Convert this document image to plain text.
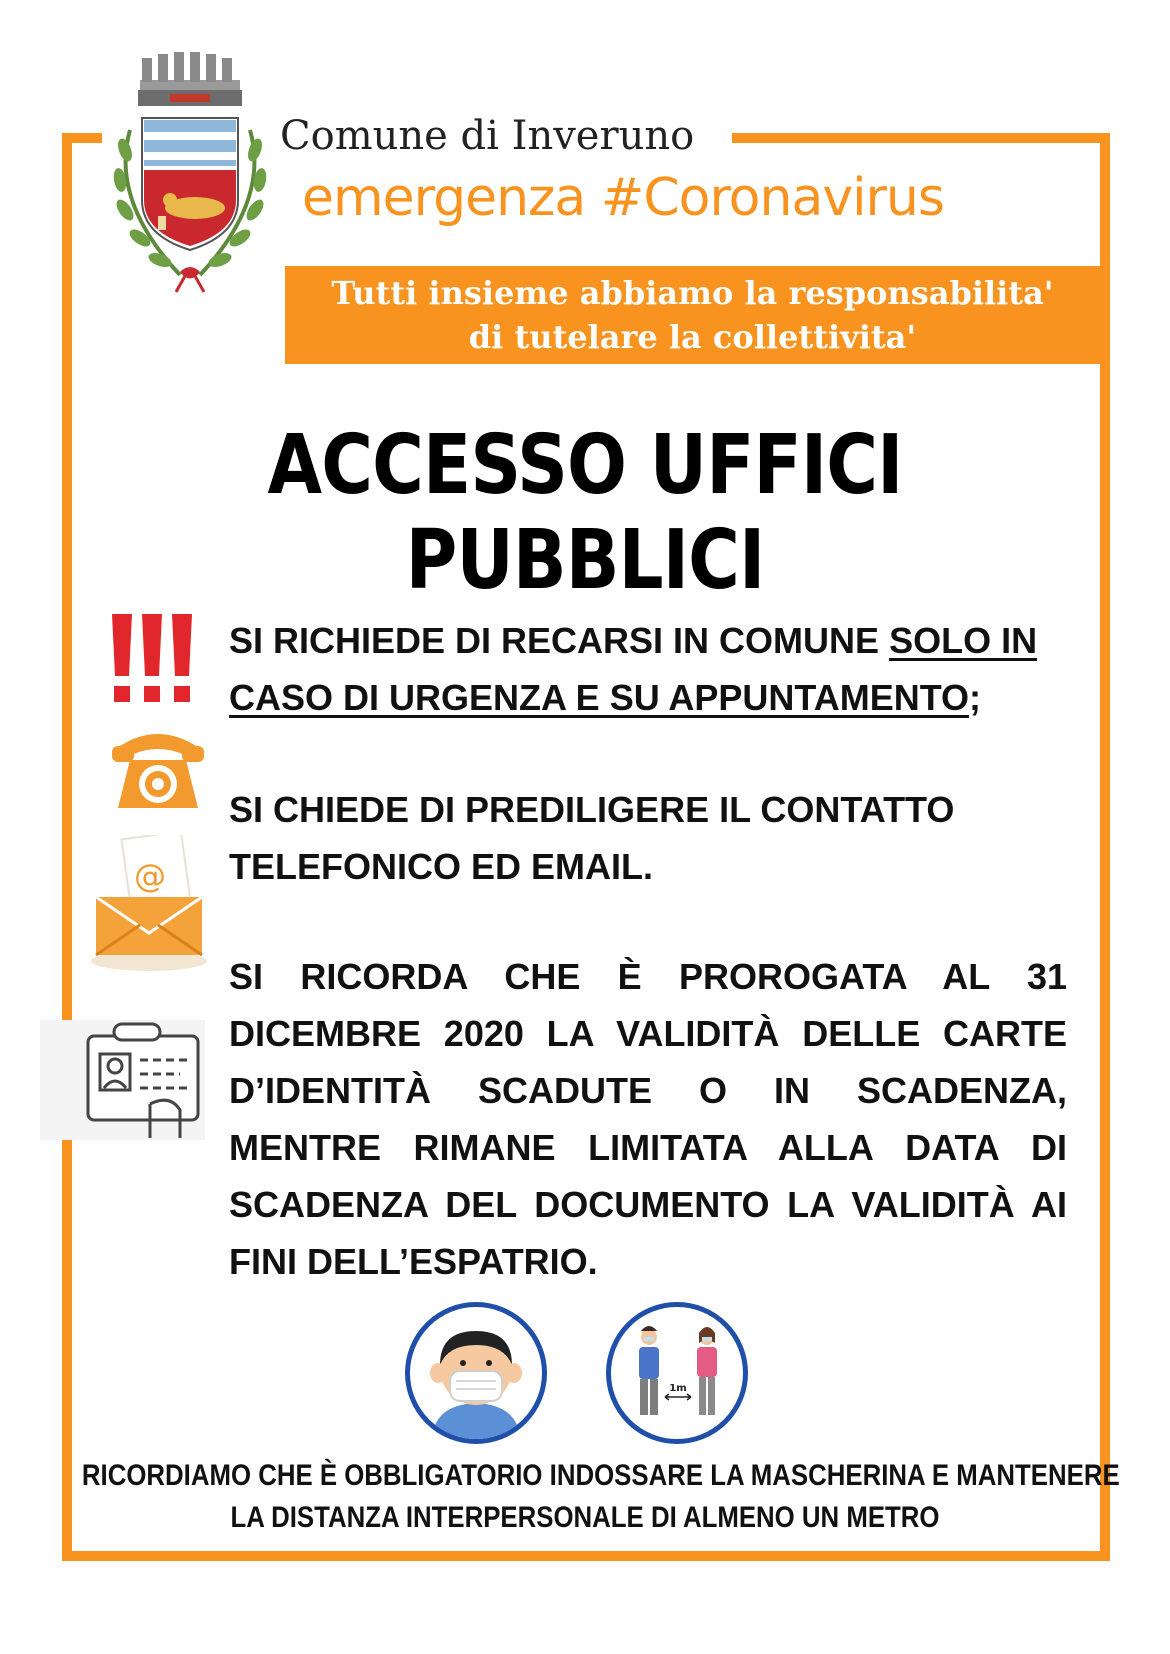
Comune di Inveruno
emergenza #Coronavirus
Tutti insieme abbiamo la responsabilita'
di tutelare la collettivita'
ACCESSO UFFICI PUBBLICI
@
SI RICHIEDE DI RECARSI IN COMUNE SOLO IN CASO DI URGENZA E SU APPUNTAMENTO;
SI CHIEDE DI PREDILIGERE IL CONTATTO TELEFONICO ED EMAIL.
SI RICORDA CHE È PROROGATA AL 31 DICEMBRE 2020 LA VALIDITÀ DELLE CARTE D’IDENTITÀ SCADUTE O IN SCADENZA, MENTRE RIMANE LIMITATA ALLA DATA DI SCADENZA DEL DOCUMENTO LA VALIDITÀ AI FINI DELL’ESPATRIO.
1m
RICORDIAMO CHE È OBBLIGATORIO INDOSSARE LA MASCHERINA E MANTENERE
LA DISTANZA INTERPERSONALE DI ALMENO UN METRO
